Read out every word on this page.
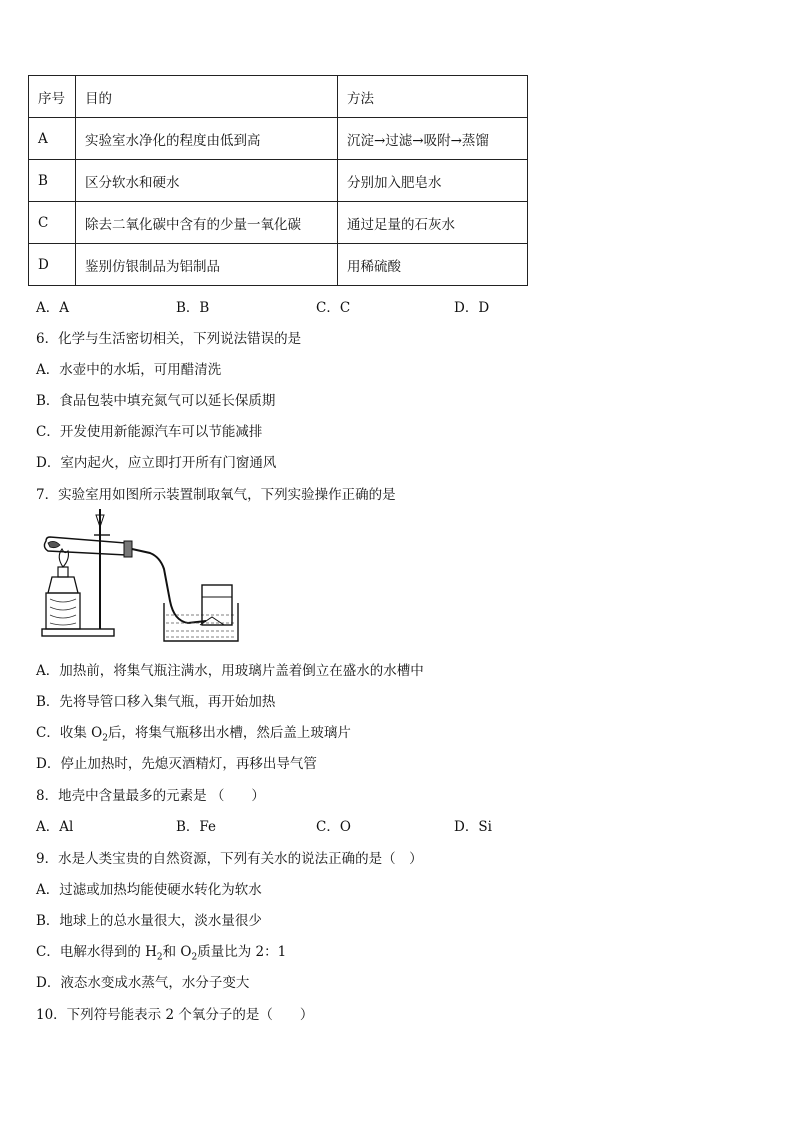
序号	目的	方法
A	实验室水净化的程度由低到高	沉淀→过滤→吸附→蒸馏
B	区分软水和硬水	分别加入肥皂水
C	除去二氧化碳中含有的少量一氧化碳	通过足量的石灰水
D	鉴别仿银制品为铝制品	用稀硫酸
A．A	B．B	C．C	D．D
6．化学与生活密切相关，下列说法错误的是
A．水壶中的水垢，可用醋清洗
B．食品包装中填充氮气可以延长保质期
C．开发使用新能源汽车可以节能减排
D．室内起火，应立即打开所有门窗通风
7．实验室用如图所示装置制取氧气，下列实验操作正确的是
A．加热前，将集气瓶注满水，用玻璃片盖着倒立在盛水的水槽中
B．先将导管口移入集气瓶，再开始加热
C．收集 $O_2$后，将集气瓶移出水槽，然后盖上玻璃片
D．停止加热时，先熄灭酒精灯，再移出导气管
8．地壳中含量最多的元素是 （　　）
A．Al	B．Fe	C．O	D．Si
9．水是人类宝贵的自然资源，下列有关水的说法正确的是（　）
A．过滤或加热均能使硬水转化为软水
B．地球上的总水量很大，淡水量很少
C．电解水得到的 $H_2$和 $O_2$质量比为 2：1
D．液态水变成水蒸气，水分子变大
10．下列符号能表示 2 个氧分子的是（　　）
